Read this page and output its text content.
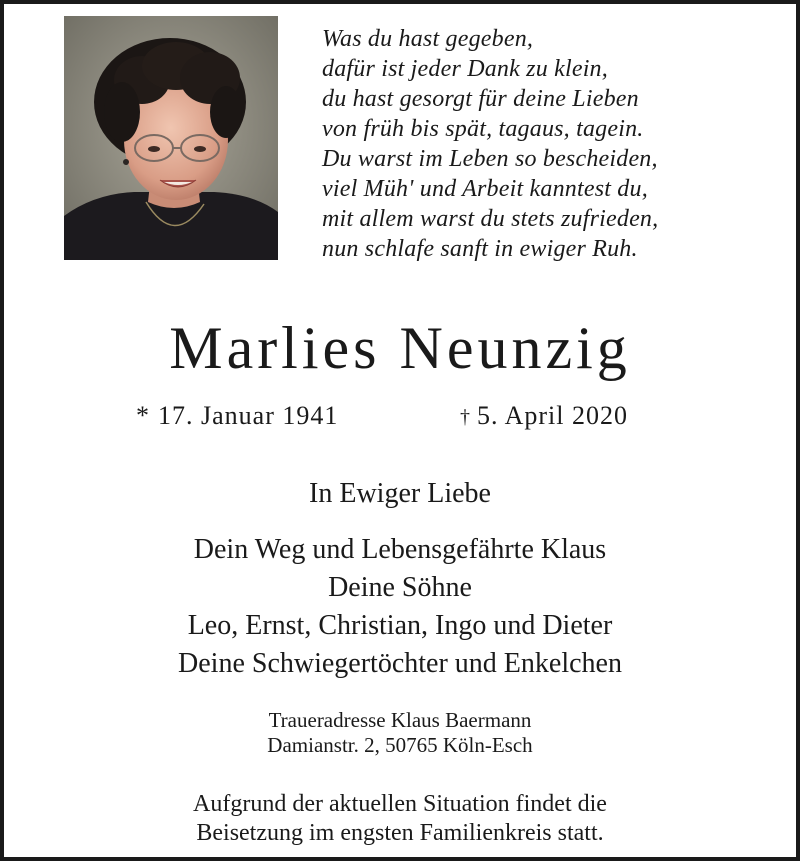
Was du hast gegeben,
dafür ist jeder Dank zu klein,
du hast gesorgt für deine Lieben
von früh bis spät, tagaus, tagein.
Du warst im Leben so bescheiden,
viel Müh' und Arbeit kanntest du,
mit allem warst du stets zufrieden,
nun schlafe sanft in ewiger Ruh.
Marlies Neunzig
* 17. Januar 1941	† 5. April 2020
In Ewiger Liebe
Dein Weg und Lebensgefährte Klaus
Deine Söhne
Leo, Ernst, Christian, Ingo und Dieter
Deine Schwiegertöchter und Enkelchen
Traueradresse Klaus Baermann
Damianstr. 2, 50765 Köln-Esch
Aufgrund der aktuellen Situation findet die
Beisetzung im engsten Familienkreis statt.
